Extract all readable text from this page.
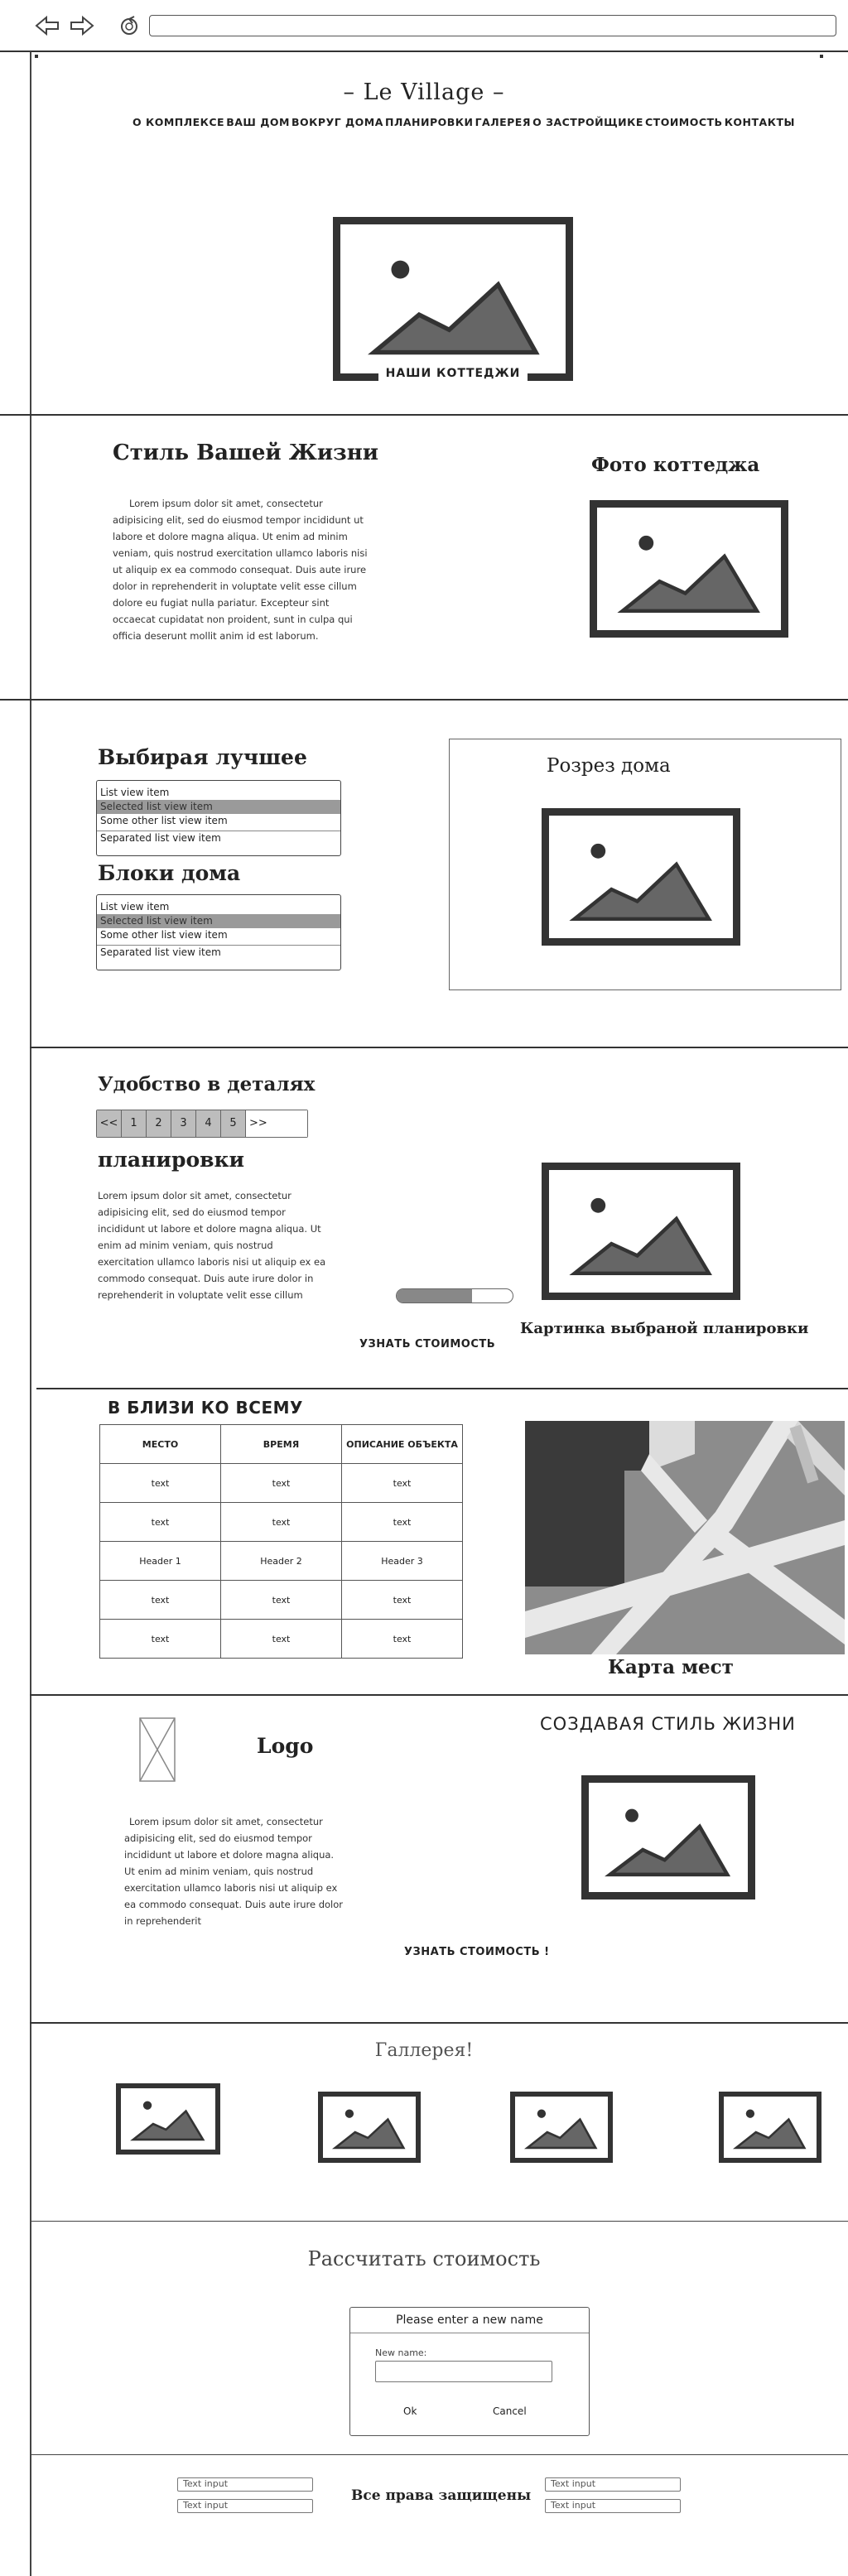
– Le Village –
О КОМПЛЕКСЕ ВАШ ДОМ ВОКРУГ ДОМА ПЛАНИРОВКИ ГАЛЕРЕЯ О ЗАСТРОЙЩИКЕ СТОИМОСТЬ КОНТАКТЫ
НАШИ КОТТЕДЖИ
Стиль Вашей Жизни
Lorem ipsum dolor sit amet, consectetur adipisicing elit, sed do eiusmod tempor incididunt ut labore et dolore magna aliqua. Ut enim ad minim veniam, quis nostrud exercitation ullamco laboris nisi ut aliquip ex ea commodo consequat. Duis aute irure dolor in reprehenderit in voluptate velit esse cillum dolore eu fugiat nulla pariatur. Excepteur sint occaecat cupidatat non proident, sunt in culpa qui officia deserunt mollit anim id est laborum.
Фото коттеджа
Выбирая лучшее
List view item
Selected list view item
Some other list view item
Separated list view item
Блоки дома
List view item
Selected list view item
Some other list view item
Separated list view item
Розрез дома
Удобство в деталях
<<	1	2	3	4	5	>>
планировки
Lorem ipsum dolor sit amet, consectetur adipisicing elit, sed do eiusmod tempor incididunt ut labore et dolore magna aliqua. Ut enim ad minim veniam, quis nostrud exercitation ullamco laboris nisi ut aliquip ex ea commodo consequat. Duis aute irure dolor in reprehenderit in voluptate velit esse cillum
УЗНАТЬ СТОИМОСТЬ
Картинка выбраной планировки
В БЛИЗИ КО ВСЕМУ
МЕСТО	ВРЕМЯ	ОПИСАНИЕ ОБЪЕКТА
text	text	text
text	text	text
Header 1	Header 2	Header 3
text	text	text
text	text	text
Карта мест
Logo
Lorem ipsum dolor sit amet, consectetur adipisicing elit, sed do eiusmod tempor incididunt ut labore et dolore magna aliqua. Ut enim ad minim veniam, quis nostrud exercitation ullamco laboris nisi ut aliquip ex ea commodo consequat. Duis aute irure dolor in reprehenderit
СОЗДАВАЯ СТИЛЬ ЖИЗНИ
УЗНАТЬ СТОИМОСТЬ !
Галлерея!
Рассчитать стоимость
Please enter a new name
New name:
Ok	Cancel
Text input
Text input
Все права защищены
Text input
Text input
